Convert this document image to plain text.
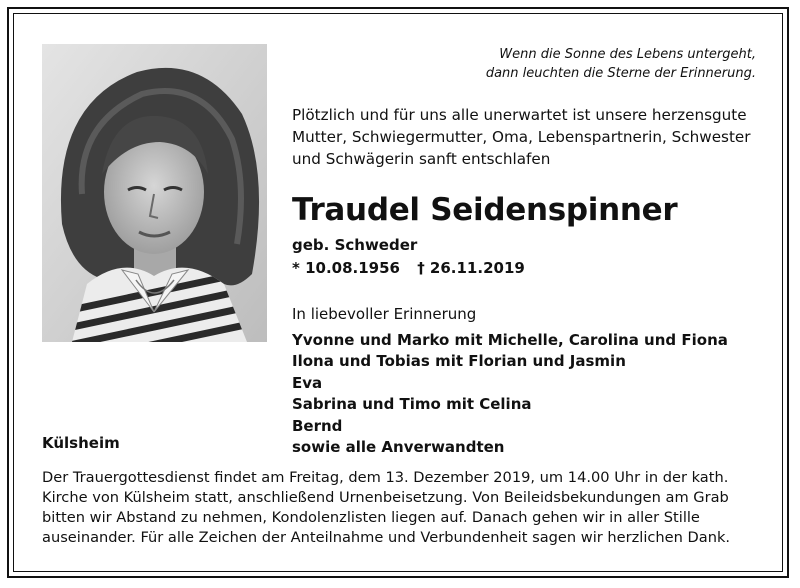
Wenn die Sonne des Lebens untergeht,
dann leuchten die Sterne der Erinnerung.
Plötzlich und für uns alle unerwartet ist unsere herzensgute
Mutter, Schwiegermutter, Oma, Lebenspartnerin, Schwester
und Schwägerin sanft entschlafen
Traudel Seidenspinner
geb. Schweder
* 10.08.1956 † 26.11.2019
In liebevoller Erinnerung
Yvonne und Marko mit Michelle, Carolina und Fiona
Ilona und Tobias mit Florian und Jasmin
Eva
Sabrina und Timo mit Celina
Bernd
sowie alle Anverwandten
Külsheim
Der Trauergottesdienst findet am Freitag, dem 13. Dezember 2019, um 14.00 Uhr in der kath.
Kirche von Külsheim statt, anschließend Urnenbeisetzung. Von Beileidsbekundungen am Grab
bitten wir Abstand zu nehmen, Kondolenzlisten liegen auf. Danach gehen wir in aller Stille
auseinander. Für alle Zeichen der Anteilnahme und Verbundenheit sagen wir herzlichen Dank.
